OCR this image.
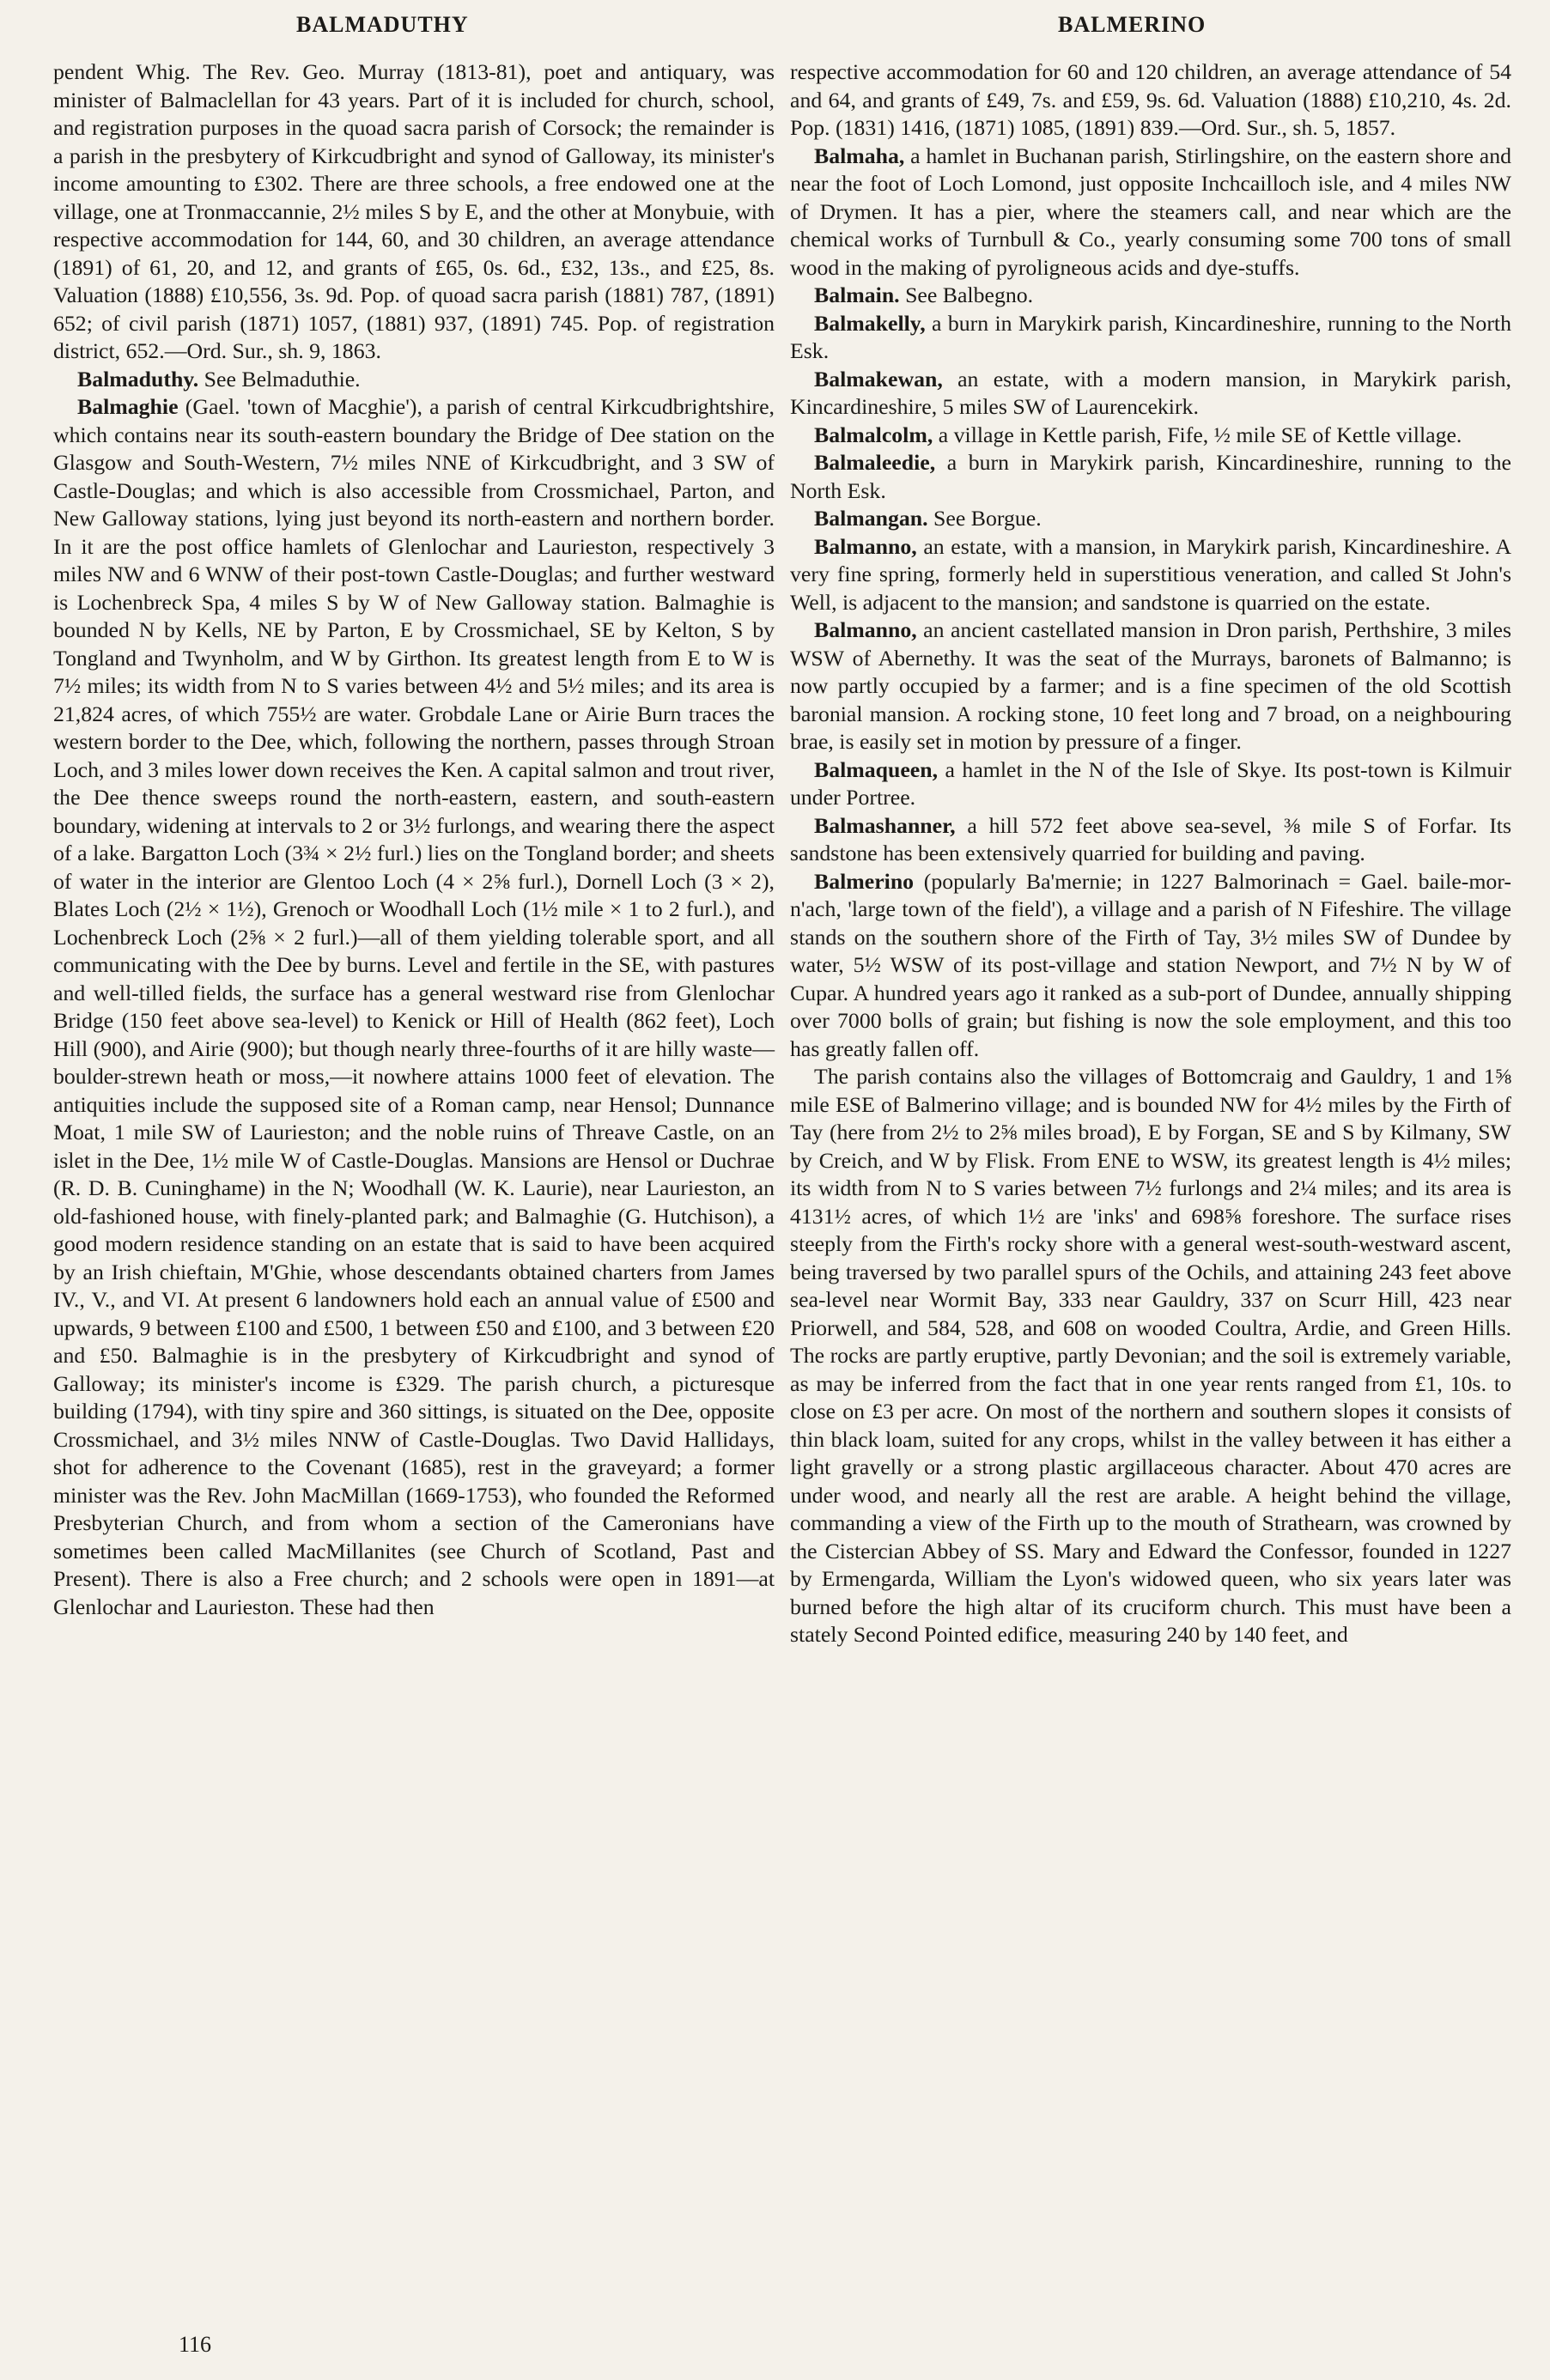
BALMADUTHY	BALMERINO

pendent Whig. The Rev. Geo. Murray (1813-81), poet and antiquary, was minister of Balmaclellan for 43 years. Part of it is included for church, school, and registration purposes in the quoad sacra parish of Corsock; the remainder is a parish in the presbytery of Kirkcudbright and synod of Galloway, its minister's income amounting to £302. There are three schools, a free endowed one at the village, one at Tronmaccannie, 2½ miles S by E, and the other at Monybuie, with respective accommodation for 144, 60, and 30 children, an average attendance (1891) of 61, 20, and 12, and grants of £65, 0s. 6d., £32, 13s., and £25, 8s. Valuation (1888) £10,556, 3s. 9d. Pop. of quoad sacra parish (1881) 787, (1891) 652; of civil parish (1871) 1057, (1881) 937, (1891) 745. Pop. of registration district, 652.—Ord. Sur., sh. 9, 1863.

Balmaduthy. See Belmaduthie.

Balmaghie (Gael. 'town of Macghie'), a parish of central Kirkcudbrightshire, which contains near its south-eastern boundary the Bridge of Dee station on the Glasgow and South-Western, 7½ miles NNE of Kirkcudbright, and 3 SW of Castle-Douglas; and which is also accessible from Crossmichael, Parton, and New Galloway stations, lying just beyond its north-eastern and northern border. In it are the post office hamlets of Glenlochar and Laurieston, respectively 3 miles NW and 6 WNW of their post-town Castle-Douglas; and further westward is Lochenbreck Spa, 4 miles S by W of New Galloway station. Balmaghie is bounded N by Kells, NE by Parton, E by Crossmichael, SE by Kelton, S by Tongland and Twynholm, and W by Girthon. Its greatest length from E to W is 7½ miles; its width from N to S varies between 4½ and 5½ miles; and its area is 21,824 acres, of which 755½ are water. Grobdale Lane or Airie Burn traces the western border to the Dee, which, following the northern, passes through Stroan Loch, and 3 miles lower down receives the Ken. A capital salmon and trout river, the Dee thence sweeps round the north-eastern, eastern, and south-eastern boundary, widening at intervals to 2 or 3½ furlongs, and wearing there the aspect of a lake. Bargatton Loch (3¾ × 2½ furl.) lies on the Tongland border; and sheets of water in the interior are Glentoo Loch (4 × 2⅝ furl.), Dornell Loch (3 × 2), Blates Loch (2½ × 1½), Grenoch or Woodhall Loch (1½ mile × 1 to 2 furl.), and Lochenbreck Loch (2⅝ × 2 furl.)—all of them yielding tolerable sport, and all communicating with the Dee by burns. Level and fertile in the SE, with pastures and well-tilled fields, the surface has a general westward rise from Glenlochar Bridge (150 feet above sea-level) to Kenick or Hill of Health (862 feet), Loch Hill (900), and Airie (900); but though nearly three-fourths of it are hilly waste—boulder-strewn heath or moss,—it nowhere attains 1000 feet of elevation. The antiquities include the supposed site of a Roman camp, near Hensol; Dunnance Moat, 1 mile SW of Laurieston; and the noble ruins of Threave Castle, on an islet in the Dee, 1½ mile W of Castle-Douglas. Mansions are Hensol or Duchrae (R. D. B. Cuninghame) in the N; Woodhall (W. K. Laurie), near Laurieston, an old-fashioned house, with finely-planted park; and Balmaghie (G. Hutchison), a good modern residence standing on an estate that is said to have been acquired by an Irish chieftain, M'Ghie, whose descendants obtained charters from James IV., V., and VI. At present 6 landowners hold each an annual value of £500 and upwards, 9 between £100 and £500, 1 between £50 and £100, and 3 between £20 and £50. Balmaghie is in the presbytery of Kirkcudbright and synod of Galloway; its minister's income is £329. The parish church, a picturesque building (1794), with tiny spire and 360 sittings, is situated on the Dee, opposite Crossmichael, and 3½ miles NNW of Castle-Douglas. Two David Hallidays, shot for adherence to the Covenant (1685), rest in the graveyard; a former minister was the Rev. John MacMillan (1669-1753), who founded the Reformed Presbyterian Church, and from whom a section of the Cameronians have sometimes been called MacMillanites (see Church of Scotland, Past and Present). There is also a Free church; and 2 schools were open in 1891—at Glenlochar and Laurieston. These had then

respective accommodation for 60 and 120 children, an average attendance of 54 and 64, and grants of £49, 7s. and £59, 9s. 6d. Valuation (1888) £10,210, 4s. 2d. Pop. (1831) 1416, (1871) 1085, (1891) 839.—Ord. Sur., sh. 5, 1857.

Balmaha, a hamlet in Buchanan parish, Stirlingshire, on the eastern shore and near the foot of Loch Lomond, just opposite Inchcailloch isle, and 4 miles NW of Drymen. It has a pier, where the steamers call, and near which are the chemical works of Turnbull & Co., yearly consuming some 700 tons of small wood in the making of pyroligneous acids and dye-stuffs.

Balmain. See Balbegno.

Balmakelly, a burn in Marykirk parish, Kincardineshire, running to the North Esk.

Balmakewan, an estate, with a modern mansion, in Marykirk parish, Kincardineshire, 5 miles SW of Laurencekirk.

Balmalcolm, a village in Kettle parish, Fife, ½ mile SE of Kettle village.

Balmaleedie, a burn in Marykirk parish, Kincardineshire, running to the North Esk.

Balmangan. See Borgue.

Balmanno, an estate, with a mansion, in Marykirk parish, Kincardineshire. A very fine spring, formerly held in superstitious veneration, and called St John's Well, is adjacent to the mansion; and sandstone is quarried on the estate.

Balmanno, an ancient castellated mansion in Dron parish, Perthshire, 3 miles WSW of Abernethy. It was the seat of the Murrays, baronets of Balmanno; is now partly occupied by a farmer; and is a fine specimen of the old Scottish baronial mansion. A rocking stone, 10 feet long and 7 broad, on a neighbouring brae, is easily set in motion by pressure of a finger.

Balmaqueen, a hamlet in the N of the Isle of Skye. Its post-town is Kilmuir under Portree.

Balmashanner, a hill 572 feet above sea-sevel, ⅜ mile S of Forfar. Its sandstone has been extensively quarried for building and paving.

Balmerino (popularly Ba'mernie; in 1227 Balmorinach = Gael. baile-mor-n'ach, 'large town of the field'), a village and a parish of N Fifeshire. The village stands on the southern shore of the Firth of Tay, 3½ miles SW of Dundee by water, 5½ WSW of its post-village and station Newport, and 7½ N by W of Cupar. A hundred years ago it ranked as a sub-port of Dundee, annually shipping over 7000 bolls of grain; but fishing is now the sole employment, and this too has greatly fallen off.

The parish contains also the villages of Bottomcraig and Gauldry, 1 and 1⅝ mile ESE of Balmerino village; and is bounded NW for 4½ miles by the Firth of Tay (here from 2½ to 2⅝ miles broad), E by Forgan, SE and S by Kilmany, SW by Creich, and W by Flisk. From ENE to WSW, its greatest length is 4½ miles; its width from N to S varies between 7½ furlongs and 2¼ miles; and its area is 4131½ acres, of which 1½ are 'inks' and 698⅝ foreshore. The surface rises steeply from the Firth's rocky shore with a general west-south-westward ascent, being traversed by two parallel spurs of the Ochils, and attaining 243 feet above sea-level near Wormit Bay, 333 near Gauldry, 337 on Scurr Hill, 423 near Priorwell, and 584, 528, and 608 on wooded Coultra, Ardie, and Green Hills. The rocks are partly eruptive, partly Devonian; and the soil is extremely variable, as may be inferred from the fact that in one year rents ranged from £1, 10s. to close on £3 per acre. On most of the northern and southern slopes it consists of thin black loam, suited for any crops, whilst in the valley between it has either a light gravelly or a strong plastic argillaceous character. About 470 acres are under wood, and nearly all the rest are arable. A height behind the village, commanding a view of the Firth up to the mouth of Strathearn, was crowned by the Cistercian Abbey of SS. Mary and Edward the Confessor, founded in 1227 by Ermengarda, William the Lyon's widowed queen, who six years later was burned before the high altar of its cruciform church. This must have been a stately Second Pointed edifice, measuring 240 by 140 feet, and

116
